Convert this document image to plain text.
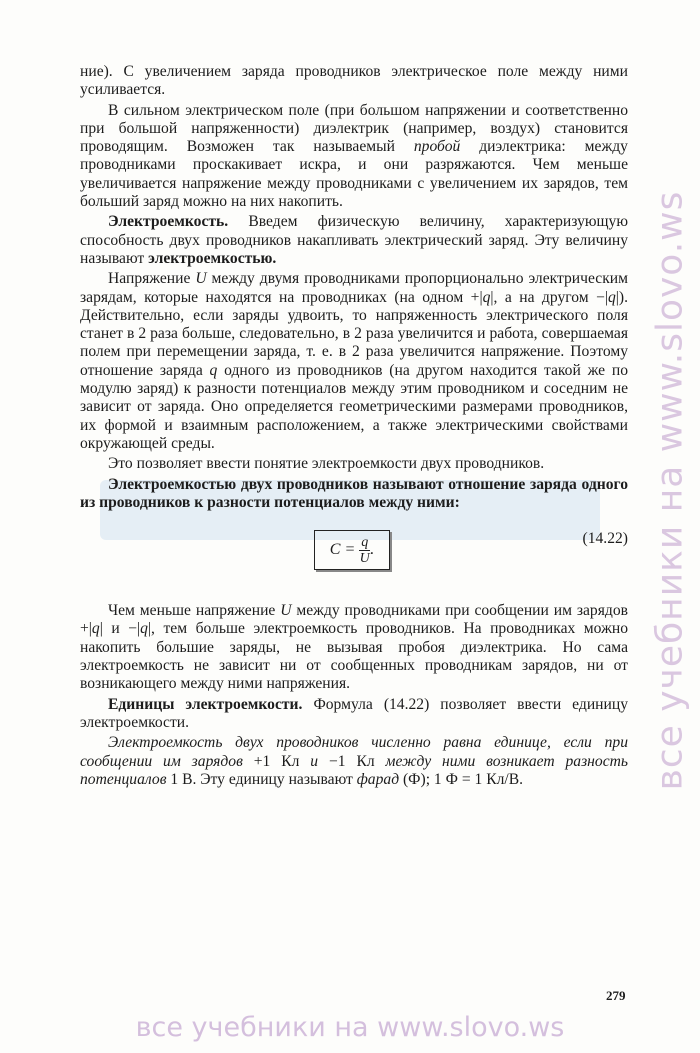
ние). С увеличением заряда проводников электрическое поле между ними усиливается.

В сильном электрическом поле (при большом напряжении и соответственно при большой напряженности) диэлектрик (например, воздух) становится проводящим. Возможен так называемый пробой диэлектрика: между проводниками проскакивает искра, и они разряжаются. Чем меньше увеличивается напряжение между проводниками с увеличением их зарядов, тем больший заряд можно на них накопить.

Электроемкость. Введем физическую величину, характеризующую способность двух проводников накапливать электрический заряд. Эту величину называют электроемкостью.

Напряжение U между двумя проводниками пропорционально электрическим зарядам, которые находятся на проводниках (на одном +|q|, а на другом −|q|). Действительно, если заряды удвоить, то напряженность электрического поля станет в 2 раза больше, следовательно, в 2 раза увеличится и работа, совершаемая полем при перемещении заряда, т. е. в 2 раза увеличится напряжение. Поэтому отношение заряда q одного из проводников (на другом находится такой же по модулю заряд) к разности потенциалов между этим проводником и соседним не зависит от заряда. Оно определяется геометрическими размерами проводников, их формой и взаимным расположением, а также электрическими свойствами окружающей среды.

Это позволяет ввести понятие электроемкости двух проводников.

Электроемкостью двух проводников называют отношение заряда одного из проводников к разности потенциалов между ними:

$C = \frac{q}{U}$ .
(14.22)

Чем меньше напряжение U между проводниками при сообщении им зарядов +|q| и −|q|, тем больше электроемкость проводников. На проводниках можно накопить большие заряды, не вызывая пробоя диэлектрика. Но сама электроемкость не зависит ни от сообщенных проводникам зарядов, ни от возникающего между ними напряжения.

Единицы электроемкости. Формула (14.22) позволяет ввести единицу электроемкости.

Электроемкость двух проводников численно равна единице, если при сообщении им зарядов +1 Кл и −1 Кл между ними возникает разность потенциалов 1 В. Эту единицу называют фарад (Ф); 1 Ф = 1 Кл/В.

279
все учебники на www.slovo.ws
все учебники на www.slovo.ws
